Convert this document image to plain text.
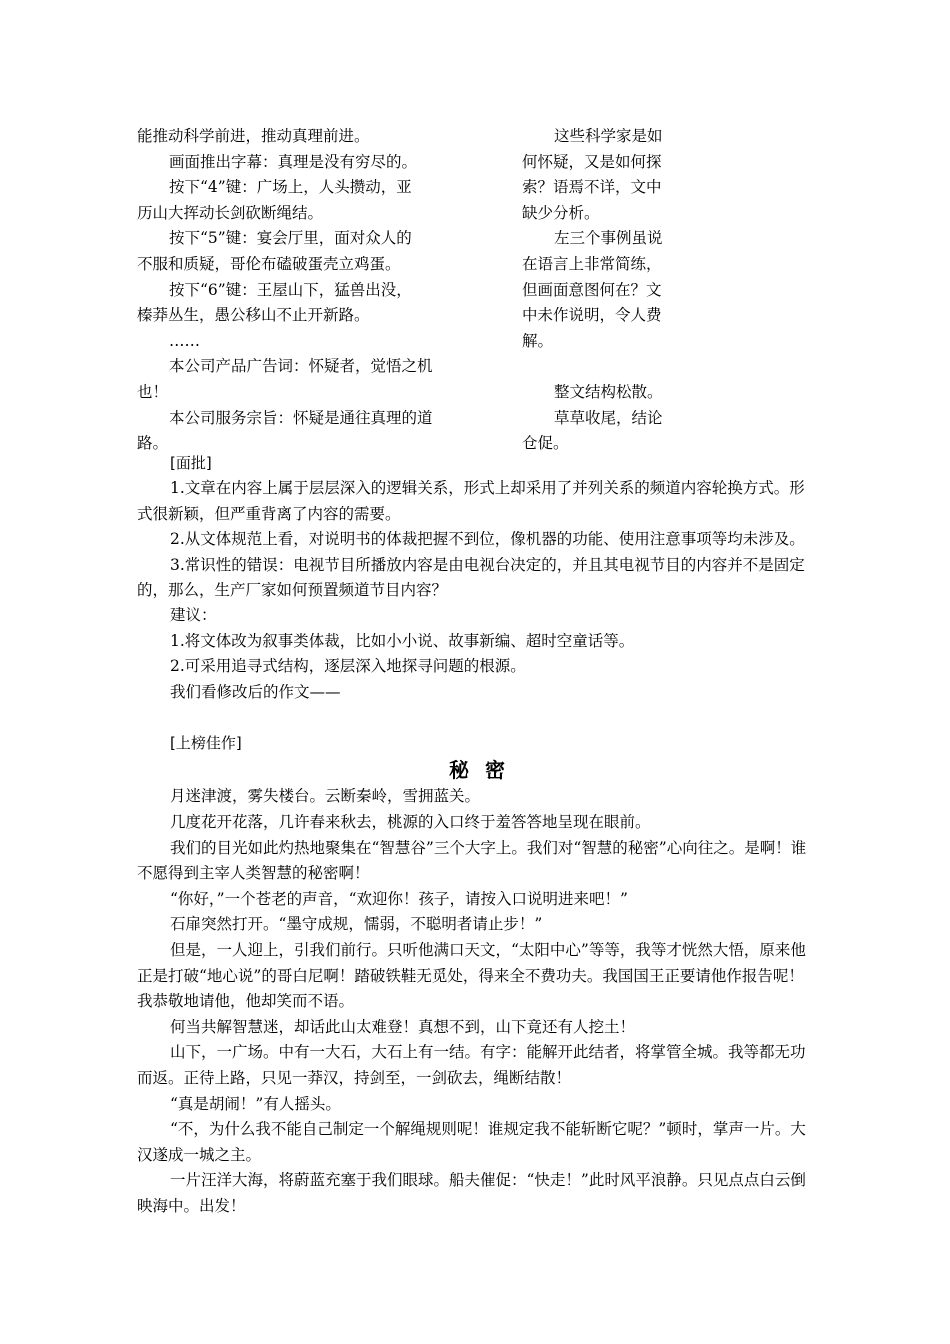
能推动科学前进，推动真理前进。
画面推出字幕：真理是没有穷尽的。
按下“4”键：广场上，人头攒动，亚
历山大挥动长剑砍断绳结。
按下“5”键：宴会厅里，面对众人的
不服和质疑，哥伦布磕破蛋壳立鸡蛋。
按下“6”键：王屋山下，猛兽出没，
榛莽丛生，愚公移山不止开新路。
……
本公司产品广告词：怀疑者，觉悟之机
也！
本公司服务宗旨：怀疑是通往真理的道
路。
这些科学家是如
何怀疑，又是如何探
索？语焉不详，文中
缺少分析。
左三个事例虽说
在语言上非常简练，
但画面意图何在？文
中未作说明，令人费
解。
整文结构松散。
草草收尾，结论
仓促。

[面批]

1.文章在内容上属于层层深入的逻辑关系，形式上却采用了并列关系的频道内容轮换方式。形式很新颖，但严重背离了内容的需要。

2.从文体规范上看，对说明书的体裁把握不到位，像机器的功能、使用注意事项等均未涉及。

3.常识性的错误：电视节目所播放内容是由电视台决定的，并且其电视节目的内容并不是固定的，那么，生产厂家如何预置频道节目内容？

建议：

1.将文体改为叙事类体裁，比如小小说、故事新编、超时空童话等。

2.可采用追寻式结构，逐层深入地探寻问题的根源。

我们看修改后的作文——

[上榜佳作]

秘密

月迷津渡，雾失楼台。云断秦岭，雪拥蓝关。

几度花开花落，几许春来秋去，桃源的入口终于羞答答地呈现在眼前。

我们的目光如此灼热地聚集在“智慧谷”三个大字上。我们对“智慧的秘密”心向往之。是啊！谁不愿得到主宰人类智慧的秘密啊！

“你好，”一个苍老的声音，“欢迎你！孩子，请按入口说明进来吧！”

石扉突然打开。“墨守成规，懦弱，不聪明者请止步！”

但是，一人迎上，引我们前行。只听他满口天文，“太阳中心”等等，我等才恍然大悟，原来他正是打破“地心说”的哥白尼啊！踏破铁鞋无觅处，得来全不费功夫。我国国王正要请他作报告呢！我恭敬地请他，他却笑而不语。

何当共解智慧迷，却话此山太难登！真想不到，山下竟还有人挖土！

山下，一广场。中有一大石，大石上有一结。有字：能解开此结者，将掌管全城。我等都无功而返。正待上路，只见一莽汉，持剑至，一剑砍去，绳断结散！

“真是胡闹！”有人摇头。

“不，为什么我不能自己制定一个解绳规则呢！谁规定我不能斩断它呢？”顿时，掌声一片。大汉遂成一城之主。

一片汪洋大海，将蔚蓝充塞于我们眼球。船夫催促：“快走！”此时风平浪静。只见点点白云倒映海中。出发！
